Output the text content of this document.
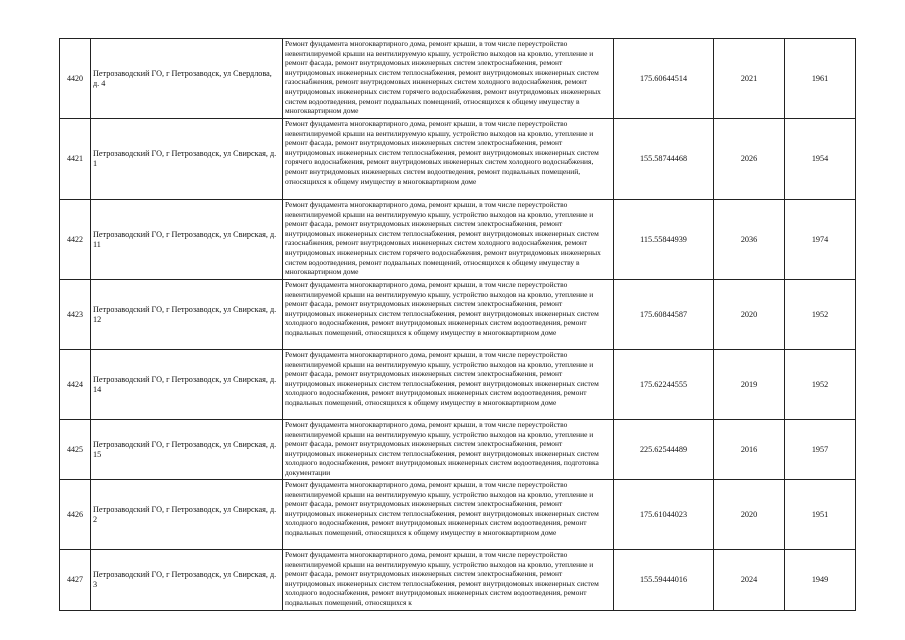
4420	Петрозаводский ГО, г Петрозаводск, ул Свердлова, д. 4	Ремонт фундамента многоквартирного дома, ремонт крыши, в том числе переустройство невентилируемой крыши на вентилируемую крышу, устройство выходов на кровлю, утепление и ремонт фасада, ремонт внутридомовых инженерных систем электроснабжения, ремонт внутридомовых инженерных систем теплоснабжения, ремонт внутридомовых инженерных систем газоснабжения, ремонт внутридомовых инженерных систем холодного водоснабжения, ремонт внутридомовых инженерных систем горячего водоснабжения, ремонт внутридомовых инженерных систем водоотведения, ремонт подвальных помещений, относящихся к общему имуществу в многоквартирном доме	175.60644514	2021	1961
4421	Петрозаводский ГО, г Петрозаводск, ул Свирская, д. 1	Ремонт фундамента многоквартирного дома, ремонт крыши, в том числе переустройство невентилируемой крыши на вентилируемую крышу, устройство выходов на кровлю, утепление и ремонт фасада, ремонт внутридомовых инженерных систем электроснабжения, ремонт внутридомовых инженерных систем теплоснабжения, ремонт внутридомовых инженерных систем горячего водоснабжения, ремонт внутридомовых инженерных систем холодного водоснабжения, ремонт внутридомовых инженерных систем водоотведения, ремонт подвальных помещений, относящихся к общему имуществу в многоквартирном доме	155.58744468	2026	1954
4422	Петрозаводский ГО, г Петрозаводск, ул Свирская, д. 11	Ремонт фундамента многоквартирного дома, ремонт крыши, в том числе переустройство невентилируемой крыши на вентилируемую крышу, устройство выходов на кровлю, утепление и ремонт фасада, ремонт внутридомовых инженерных систем электроснабжения, ремонт внутридомовых инженерных систем теплоснабжения, ремонт внутридомовых инженерных систем газоснабжения, ремонт внутридомовых инженерных систем холодного водоснабжения, ремонт внутридомовых инженерных систем горячего водоснабжения, ремонт внутридомовых инженерных систем водоотведения, ремонт подвальных помещений, относящихся к общему имуществу в многоквартирном доме	115.55844939	2036	1974
4423	Петрозаводский ГО, г Петрозаводск, ул Свирская, д. 12	Ремонт фундамента многоквартирного дома, ремонт крыши, в том числе переустройство невентилируемой крыши на вентилируемую крышу, устройство выходов на кровлю, утепление и ремонт фасада, ремонт внутридомовых инженерных систем электроснабжения, ремонт внутридомовых инженерных систем теплоснабжения, ремонт внутридомовых инженерных систем холодного водоснабжения, ремонт внутридомовых инженерных систем водоотведения, ремонт подвальных помещений, относящихся к общему имуществу в многоквартирном доме	175.60844587	2020	1952
4424	Петрозаводский ГО, г Петрозаводск, ул Свирская, д. 14	Ремонт фундамента многоквартирного дома, ремонт крыши, в том числе переустройство невентилируемой крыши на вентилируемую крышу, устройство выходов на кровлю, утепление и ремонт фасада, ремонт внутридомовых инженерных систем электроснабжения, ремонт внутридомовых инженерных систем теплоснабжения, ремонт внутридомовых инженерных систем холодного водоснабжения, ремонт внутридомовых инженерных систем водоотведения, ремонт подвальных помещений, относящихся к общему имуществу в многоквартирном доме	175.62244555	2019	1952
4425	Петрозаводский ГО, г Петрозаводск, ул Свирская, д. 15	Ремонт фундамента многоквартирного дома, ремонт крыши, в том числе переустройство невентилируемой крыши на вентилируемую крышу, устройство выходов на кровлю, утепление и ремонт фасада, ремонт внутридомовых инженерных систем электроснабжения, ремонт внутридомовых инженерных систем теплоснабжения, ремонт внутридомовых инженерных систем холодного водоснабжения, ремонт внутридомовых инженерных систем водоотведения, подготовка документации	225.62544489	2016	1957
4426	Петрозаводский ГО, г Петрозаводск, ул Свирская, д. 2	Ремонт фундамента многоквартирного дома, ремонт крыши, в том числе переустройство невентилируемой крыши на вентилируемую крышу, устройство выходов на кровлю, утепление и ремонт фасада, ремонт внутридомовых инженерных систем электроснабжения, ремонт внутридомовых инженерных систем теплоснабжения, ремонт внутридомовых инженерных систем холодного водоснабжения, ремонт внутридомовых инженерных систем водоотведения, ремонт подвальных помещений, относящихся к общему имуществу в многоквартирном доме	175.61044023	2020	1951
4427	Петрозаводский ГО, г Петрозаводск, ул Свирская, д. 3	Ремонт фундамента многоквартирного дома, ремонт крыши, в том числе переустройство невентилируемой крыши на вентилируемую крышу, устройство выходов на кровлю, утепление и ремонт фасада, ремонт внутридомовых инженерных систем электроснабжения, ремонт внутридомовых инженерных систем теплоснабжения, ремонт внутридомовых инженерных систем холодного водоснабжения, ремонт внутридомовых инженерных систем водоотведения, ремонт подвальных помещений, относящихся к	155.59444016	2024	1949
